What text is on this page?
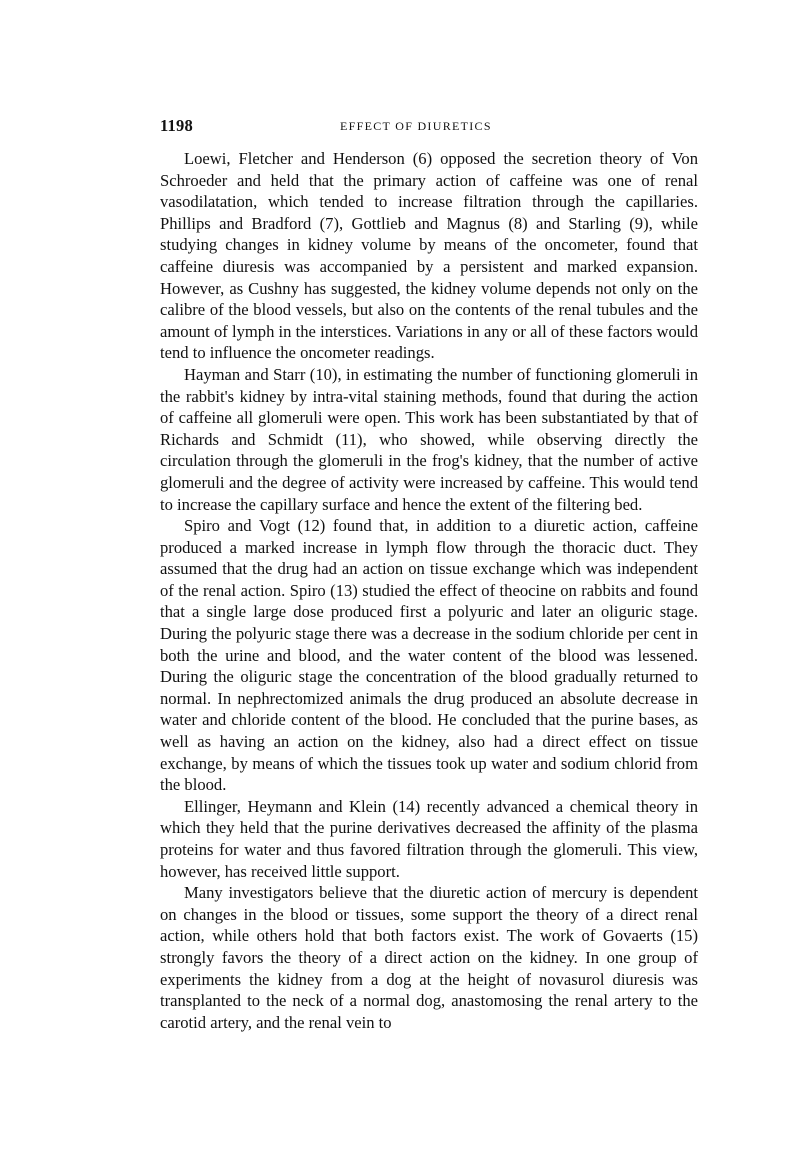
1198	EFFECT OF DIURETICS

Loewi, Fletcher and Henderson (6) opposed the secretion theory of Von Schroeder and held that the primary action of caffeine was one of renal vasodilatation, which tended to increase filtration through the capillaries. Phillips and Bradford (7), Gottlieb and Magnus (8) and Starling (9), while studying changes in kidney volume by means of the oncometer, found that caffeine diuresis was accompanied by a persistent and marked expansion. However, as Cushny has suggested, the kidney volume depends not only on the calibre of the blood vessels, but also on the contents of the renal tubules and the amount of lymph in the interstices. Variations in any or all of these factors would tend to influence the oncometer readings.

Hayman and Starr (10), in estimating the number of functioning glomeruli in the rabbit's kidney by intra-vital staining methods, found that during the action of caffeine all glomeruli were open. This work has been substantiated by that of Richards and Schmidt (11), who showed, while observing directly the circulation through the glomeruli in the frog's kidney, that the number of active glomeruli and the degree of activity were increased by caffeine. This would tend to increase the capillary surface and hence the extent of the filtering bed.

Spiro and Vogt (12) found that, in addition to a diuretic action, caffeine produced a marked increase in lymph flow through the thoracic duct. They assumed that the drug had an action on tissue exchange which was independent of the renal action. Spiro (13) studied the effect of theocine on rabbits and found that a single large dose produced first a polyuric and later an oliguric stage. During the polyuric stage there was a decrease in the sodium chloride per cent in both the urine and blood, and the water content of the blood was lessened. During the oliguric stage the concentration of the blood gradually returned to normal. In nephrectomized animals the drug produced an absolute decrease in water and chloride content of the blood. He concluded that the purine bases, as well as having an action on the kidney, also had a direct effect on tissue exchange, by means of which the tissues took up water and sodium chlorid from the blood.

Ellinger, Heymann and Klein (14) recently advanced a chemical theory in which they held that the purine derivatives decreased the affinity of the plasma proteins for water and thus favored filtration through the glomeruli. This view, however, has received little support.

Many investigators believe that the diuretic action of mercury is dependent on changes in the blood or tissues, some support the theory of a direct renal action, while others hold that both factors exist. The work of Govaerts (15) strongly favors the theory of a direct action on the kidney. In one group of experiments the kidney from a dog at the height of novasurol diuresis was transplanted to the neck of a normal dog, anastomosing the renal artery to the carotid artery, and the renal vein to
